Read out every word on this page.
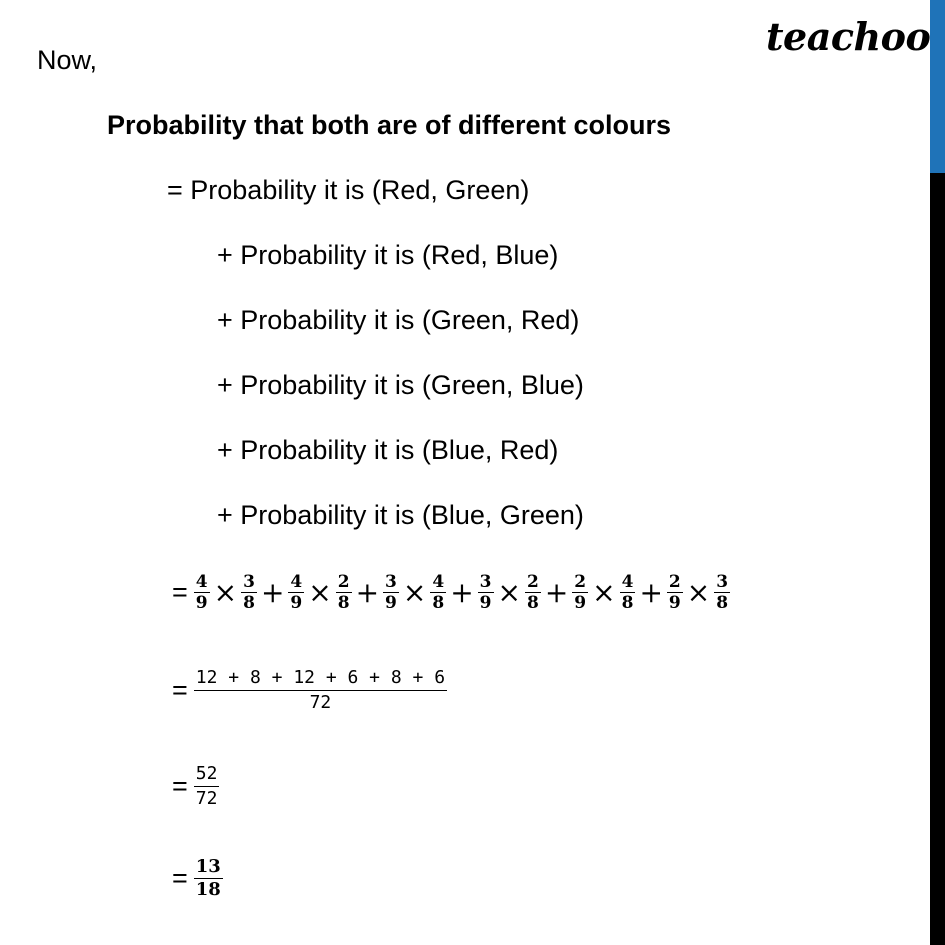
teachoo
Now,
Probability that both are of different colours
= Probability it is (Red, Green)
+ Probability it is (Red, Blue)
+ Probability it is (Green, Red)
+ Probability it is (Green, Blue)
+ Probability it is (Blue, Red)
+ Probability it is (Blue, Green)
= $\frac{4}{9} \times \frac{3}{8} + \frac{4}{9} \times \frac{2}{8} + \frac{3}{9} \times \frac{4}{8} + \frac{3}{9} \times \frac{2}{8} + \frac{2}{9} \times \frac{4}{8} + \frac{2}{9} \times \frac{3}{8}$
= $\frac{12 + 8 + 12 + 6 + 8 + 6}{72}$
= $\frac{52}{72}$
= $\frac{13}{18}$
